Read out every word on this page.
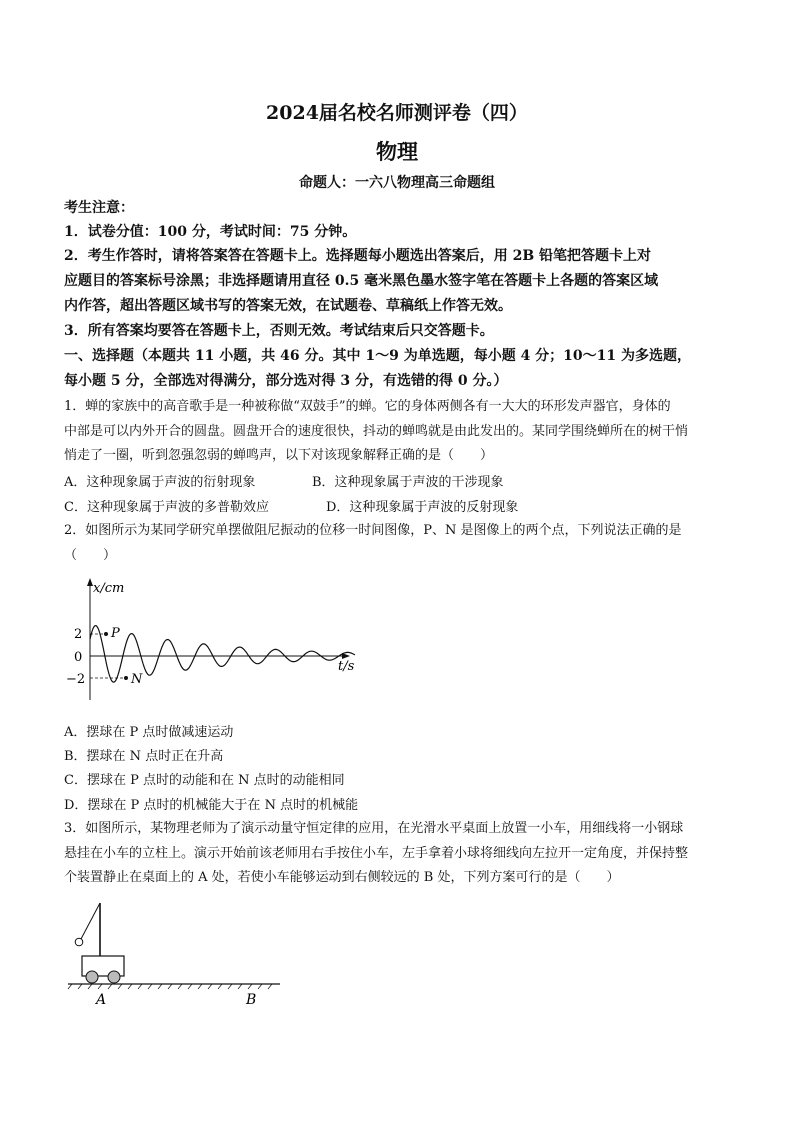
2024届名校名师测评卷（四）
物理
命题人：一六八物理高三命题组
考生注意：
1．试卷分值：100 分，考试时间：75 分钟。
2．考生作答时，请将答案答在答题卡上。选择题每小题选出答案后，用 2B 铅笔把答题卡上对
应题目的答案标号涂黑；非选择题请用直径 0.5 毫米黑色墨水签字笔在答题卡上各题的答案区域
内作答，超出答题区域书写的答案无效，在试题卷、草稿纸上作答无效。
3．所有答案均要答在答题卡上，否则无效。考试结束后只交答题卡。
一、选择题（本题共 11 小题，共 46 分。其中 1～9 为单选题，每小题 4 分；10～11 为多选题，
每小题 5 分，全部选对得满分，部分选对得 3 分，有选错的得 0 分。）
1．蝉的家族中的高音歌手是一种被称做“双鼓手”的蝉。它的身体两侧各有一大大的环形发声器官，身体的
中部是可以内外开合的圆盘。圆盘开合的速度很快，抖动的蝉鸣就是由此发出的。某同学围绕蝉所在的树干悄
悄走了一圈，听到忽强忽弱的蝉鸣声，以下对该现象解释正确的是（　　）
A．这种现象属于声波的衍射现象	B．这种现象属于声波的干涉现象
C．这种现象属于声波的多普勒效应	D．这种现象属于声波的反射现象
2．如图所示为某同学研究单摆做阻尼振动的位移一时间图像，P、N 是图像上的两个点，下列说法正确的是
（　　）
x/cm
t/s
2
0
−2
P
N
A．摆球在 P 点时做减速运动
B．摆球在 N 点时正在升高
C．摆球在 P 点时的动能和在 N 点时的动能相同
D．摆球在 P 点时的机械能大于在 N 点时的机械能
3．如图所示，某物理老师为了演示动量守恒定律的应用，在光滑水平桌面上放置一小车，用细线将一小钢球
悬挂在小车的立柱上。演示开始前该老师用右手按住小车，左手拿着小球将细线向左拉开一定角度，并保持整
个装置静止在桌面上的 A 处，若使小车能够运动到右侧较远的 B 处，下列方案可行的是（　　）
A	B
